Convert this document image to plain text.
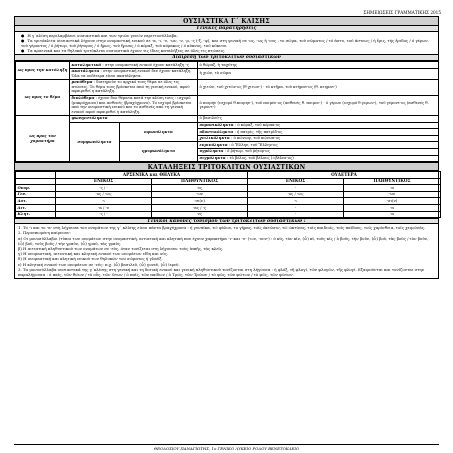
ΣΗΜΕΙΩΣΕΙΣ ΓΡΑΜΜΑΤΙΚΗΣ 2015
ΟΥΣΙΑΣΤΙΚΑ Γ΄ ΚΛΙΣΗΣ
Γενικές παρατηρήσεις
● Η γ΄κλίση περιλαμβάνει ουσιαστικά και των τριών γενών περιττοσύλλαβα.
● Τα τριτόκλιτα ουσιαστικά λήγουν στην ονομαστική ενικού σε -α, -ι, -υ, -ων, -ν, -ρ, -ς (-ξ, -ψ), και στη γενική σε -ος, -ως ή -ους : το σώμα, τού σώματος / τό άστυ, τού άστεως / ή ἔρις, τής ἔριδος / ό γέρων, τού γέροντος / ό ῥήτωρ, τού ῥήτορος / ό ἥρως, τού ἥρωος / ό κόραξ, τού κόρακος / ό κύκνος, τού κύκνου.
● Τα αρσενικά και τα θηλυκά τριτόκλιτα ουσιαστικά έχουν τις ίδιες καταλήξεις σε όλες τις πτώσεις.
Διαίρεση των τριτόκλιτων ουσιαστικών
ως προς την κατάληξη	καταληκτικά : στην ονομαστική ενικού έχουν κατάληξη -ς		ὁ θώραξ, ἡ ταχύτης
	ακατάληκτα : στην ονομαστική ενικού δεν έχουν κατάληξη. Όλα τα ουδέτερα είναι ακατάληκτα.		ἡ χιών, τὸ σῶμα
ως προς το θέμα	μονόθεμα : διατηρούν το αρχικό τους θέμα σε όλες τις πτώσεις. Το θέμα τους βρίσκεται από τη γενική ενικού, αφού αφαιρεθεί η κατάληξη.		ὁ χιτών, τοῦ χιτῶν-ος (θ χιτων-) · τὸ κτῆμα, τοῦ κτήματ-ος (θ. κτηματ-)
	διπλόθεμα : έχουν δυο θέματα κατά την κλίση τους : ισχυρό (μακρόχρονο) και ασθενές (βραχύχρονο). Το ισχυρό βρίσκεται από την ονομαστική ενικού και το ασθενές από τη γενική ενικού αφού αφαιρεθεί η κατάληξη.		ὁ ποιμήν (ισχυρό θ.ποιμην-), τοῦ ποιμέν-ος (ασθενές θ. ποιμεν-) · ὁ γέρων (ισχυρό θ.γερων-), τοῦ γέροντ-ος (ασθενές θ. γεροντ-)
ως προς τον χαρακτήρα	φωνηεντόληκτα		ὁ βασιλεύ-ς
	συμφωνόληκτα	αφωνόληκτα	ουρανικόληκτα : ὁ κόραξ, τοῦ κόρακ-ος
			οδοντικόληκτα : ἡ πατρίς, τῆς πατρίδ-ος
			χειλικόληκτα : ὁ κώνωψ, τοῦ κώνωπ-ος
		ημιφωνόληκτα	ενρινόληκτα : ὁ Ἕλλην, τοῦ Ἕλλην-ος
			υγρόληκτα : ὁ ῥήτωρ, τοῦ ῥήτορ-ος
			σιγμόληκτα : τὸ βέλος, τοῦ βέλους (=βέλεσ-ος)
ΚΑΤΑΛΗΞΕΙΣ ΤΡΙΤΟΚΛΙΤΩΝ ΟΥΣΙΑΣΤΙΚΩΝ
	ΑΡΣΕΝΙΚΑ και ΘΗΛΥΚΑ		ΟΥΔΕΤΕΡΑ	
	ΕΝΙΚΟΣ	ΠΛΗΘΥΝΤΙΚΟΣ	ΕΝΙΚΟΣ	ΠΛΗΘΥΝΤΙΚΟΣ
Ονομ.	-ς / -	-ες	-	-α
Γεν.	-ος / -ως	-ων	-ος / -ως	-ων
Δοτ.	-ι	-σι(ν)	-ι	-σι(ν)
Αιτ.	-α / -ν	-ας / -ς	-	-α
Κλητ.	-ς / -	-ες	-	-α
Γενικοί κανόνες τονισμού των τριτόκλιτων ουσιαστικών :
1. Το -ι και το -α- στη λήγουσα του ονομάτων της γ΄ κλίσης είναι πάντα βραχύχρονα : ή γυναίκα, τώ φύλου, το γήρας, τοίς όκτώσιν, τώ ώκτίνας, τοίς παιδιοίς, τοίς παίδους, τοίς χαρίσθεια, τοίς χειμώνάς.
2. Περισπωμένη παίρνουν:
α) Οι μονοσύλλαβοι (τύποι των ονομάτων στην ονομαστική, αιτιατική και κλητική που έχουν χαρακτήρα -ι- και -υ- (-ων, -ουν-) : ό κῖς, τὸν κῖν, (ὦ) κῖ, τοῦς κῖς / ὁ βοῦς, τὴν βοῦν, (ὦ) βοῦ, τὰς βοῦς / τὸν βοῦν, (ὦ) βοῦ, τοῦς βοῦς / τὴν γραῦν, (ὦ) γραῦ, τὰς γραῦς.
β) Η αιτιατική πληθυντικού των ονομάτων σε -εύς, όταν τονίζεται στη λήγουσα: τοὺς ἱππῆς, τὰς κλεῖς.
γ) Η ονομαστική, αιτιατική και κλητική ενικού των ονομάτων εἴδη και ούς.
δ) Η ονομαστική και κλητική ενικού των θηλυκών του σώματος ἡ γλαῦξ.
ε) Η κλητική ενικού των ονομάτων σε -εύς: π.χ. (ὦ) βασιλεῦ, (ὦ) γονεῦ, (ὦ) ἱερεῦ.
3. Τα μονοσύλλαβα ουσιαστικά της γ΄κλίσης στη γενική και τη δοτική ενικού και γενική πληθυντικού τονίζονται στη λήγουσα : ή φλόξ, τῆ φλογί, τῶν φλογῶν, τῆς φλογί. Εξαιρούνται και τονίζονται στην παραλήγουσα : ὁ παῖς, τῶν θώων / τὸ οὖς, τῶν ὤτων / ὁ παῖς, τῶν παίδων / ὁ Τρώς, τῶν Τρώων / τὸ φῶς, τῶν φώτων / τὸ φῶς, τῶν φώτων.
ΘΕΟΔΟΣΙΟΥ ΠΑΝΑΓΙΩΤΗΣ, 1ο ΓΕΝΙΚΟ ΛΥΚΕΙΟ ΡΟΔΟΥ ΒΕΝΕΤΟΚΛΕΙΟ
